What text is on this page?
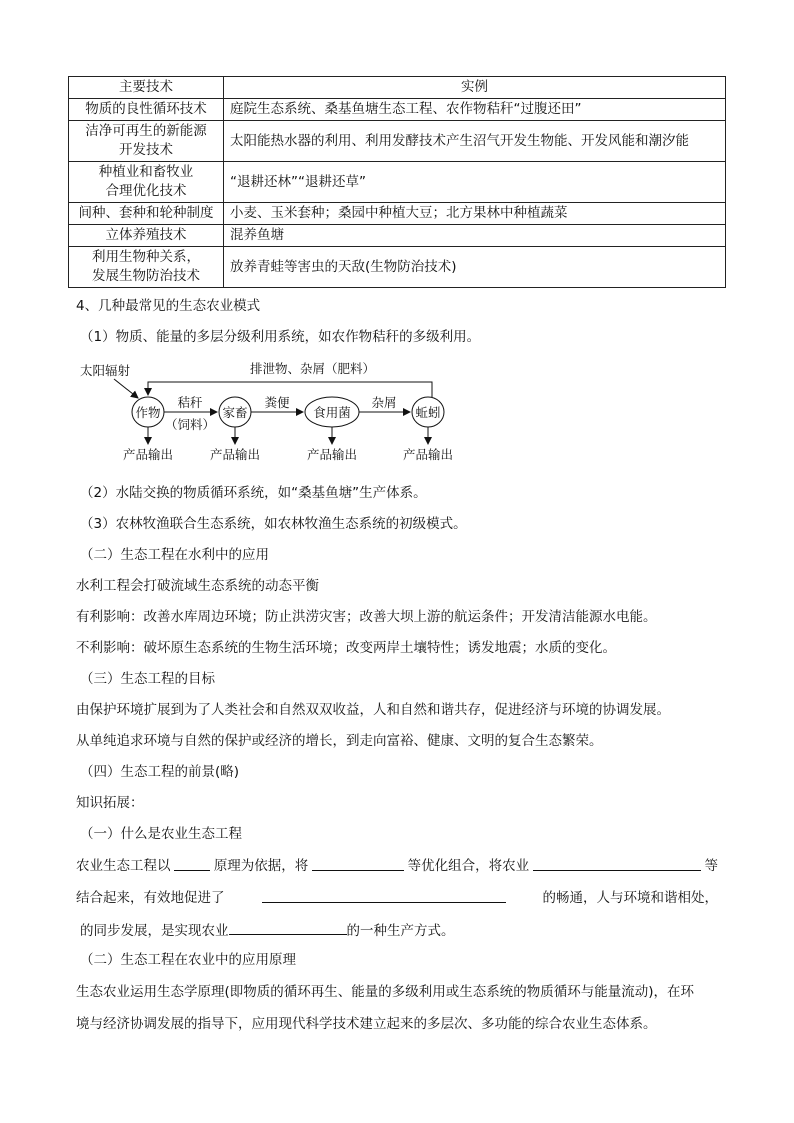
主要技术	实例
物质的良性循环技术	庭院生态系统、桑基鱼塘生态工程、农作物秸秆“过腹还田”
洁净可再生的新能源
开发技术	太阳能热水器的利用、利用发酵技术产生沼气开发生物能、开发风能和潮汐能
种植业和畜牧业
合理优化技术	“退耕还林”“退耕还草”
间种、套种和轮种制度	小麦、玉米套种；桑园中种植大豆；北方果林中种植蔬菜
立体养殖技术	混养鱼塘
利用生物种关系，
发展生物防治技术	放养青蛙等害虫的天敌(生物防治技术)
4、几种最常见的生态农业模式
（1）物质、能量的多层分级利用系统，如农作物秸秆的多级利用。
太阳辐射	排泄物、杂屑（肥料）
作物	家畜	食用菌	蚯蚓
秸秆
（饲料）
粪便	杂屑
产品输出	产品输出	产品输出	产品输出
（2）水陆交换的物质循环系统，如“桑基鱼塘”生产体系。
（3）农林牧渔联合生态系统，如农林牧渔生态系统的初级模式。
（二）生态工程在水利中的应用
水利工程会打破流域生态系统的动态平衡
有利影响：改善水库周边环境；防止洪涝灾害；改善大坝上游的航运条件；开发清洁能源水电能。
不利影响：破坏原生态系统的生物生活环境；改变两岸土壤特性；诱发地震；水质的变化。
（三）生态工程的目标
由保护环境扩展到为了人类社会和自然双双收益，人和自然和谐共存，促进经济与环境的协调发展。
从单纯追求环境与自然的保护或经济的增长，到走向富裕、健康、文明的复合生态繁荣。
（四）生态工程的前景(略)
知识拓展：
（一）什么是农业生态工程
农业生态工程以	原理为依据，将	等优化组合，将农业	等
结合起来，有效地促进了	的畅通，人与环境和谐相处，
的同步发展，是实现农业	的一种生产方式。
（二）生态工程在农业中的应用原理
生态农业运用生态学原理(即物质的循环再生、能量的多级利用或生态系统的物质循环与能量流动)，在环
境与经济协调发展的指导下，应用现代科学技术建立起来的多层次、多功能的综合农业生态体系。
